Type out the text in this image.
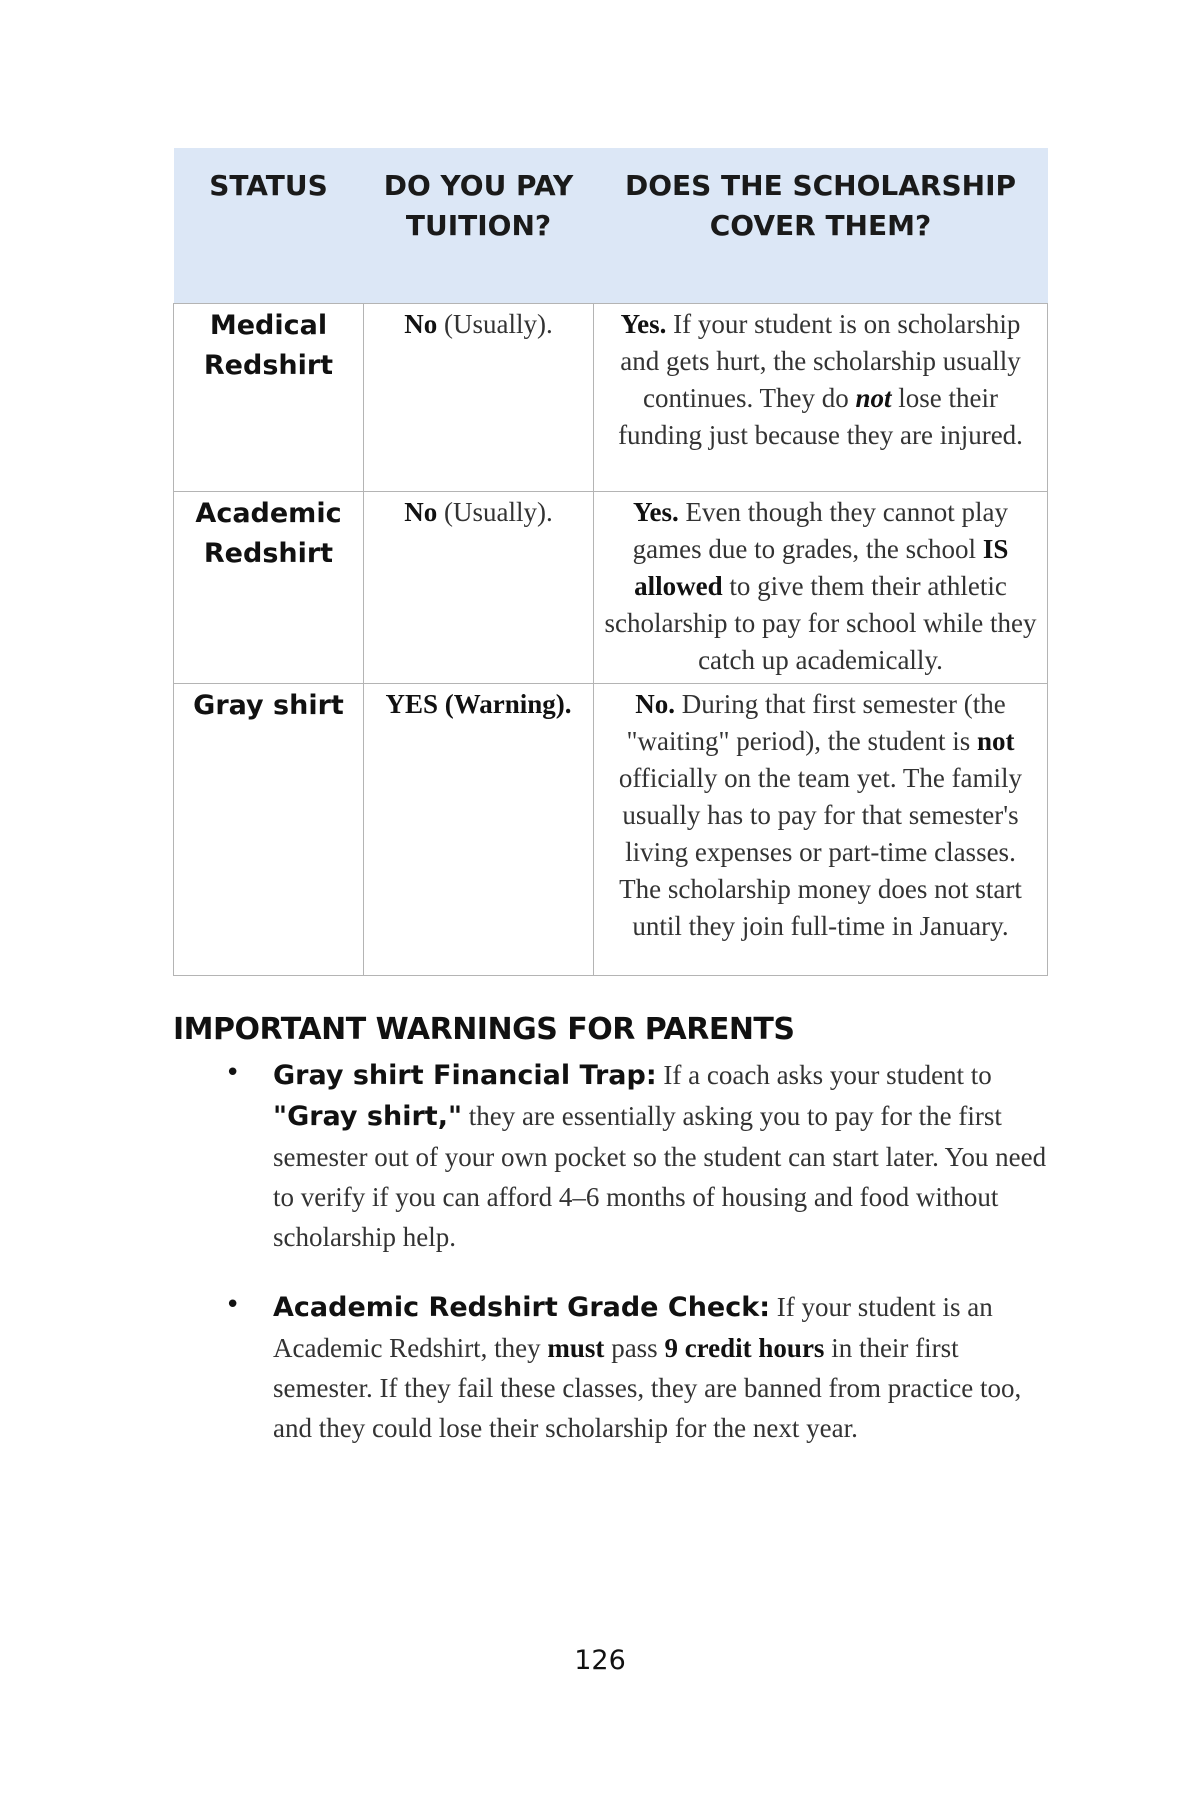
STATUS	DO YOU PAY TUITION?	DOES THE SCHOLARSHIP COVER THEM?
Medical Redshirt	No (Usually).	Yes. If your student is on scholarship and gets hurt, the scholarship usually continues. They do not lose their funding just because they are injured.
Academic Redshirt	No (Usually).	Yes. Even though they cannot play games due to grades, the school IS allowed to give them their athletic scholarship to pay for school while they catch up academically.
Gray shirt	YES (Warning).	No. During that first semester (the "waiting" period), the student is not officially on the team yet. The family usually has to pay for that semester's living expenses or part-time classes. The scholarship money does not start until they join full-time in January.
IMPORTANT WARNINGS FOR PARENTS
• Gray shirt Financial Trap: If a coach asks your student to "Gray shirt," they are essentially asking you to pay for the first semester out of your own pocket so the student can start later. You need to verify if you can afford 4–6 months of housing and food without scholarship help.
• Academic Redshirt Grade Check: If your student is an Academic Redshirt, they must pass 9 credit hours in their first semester. If they fail these classes, they are banned from practice too, and they could lose their scholarship for the next year.
126
